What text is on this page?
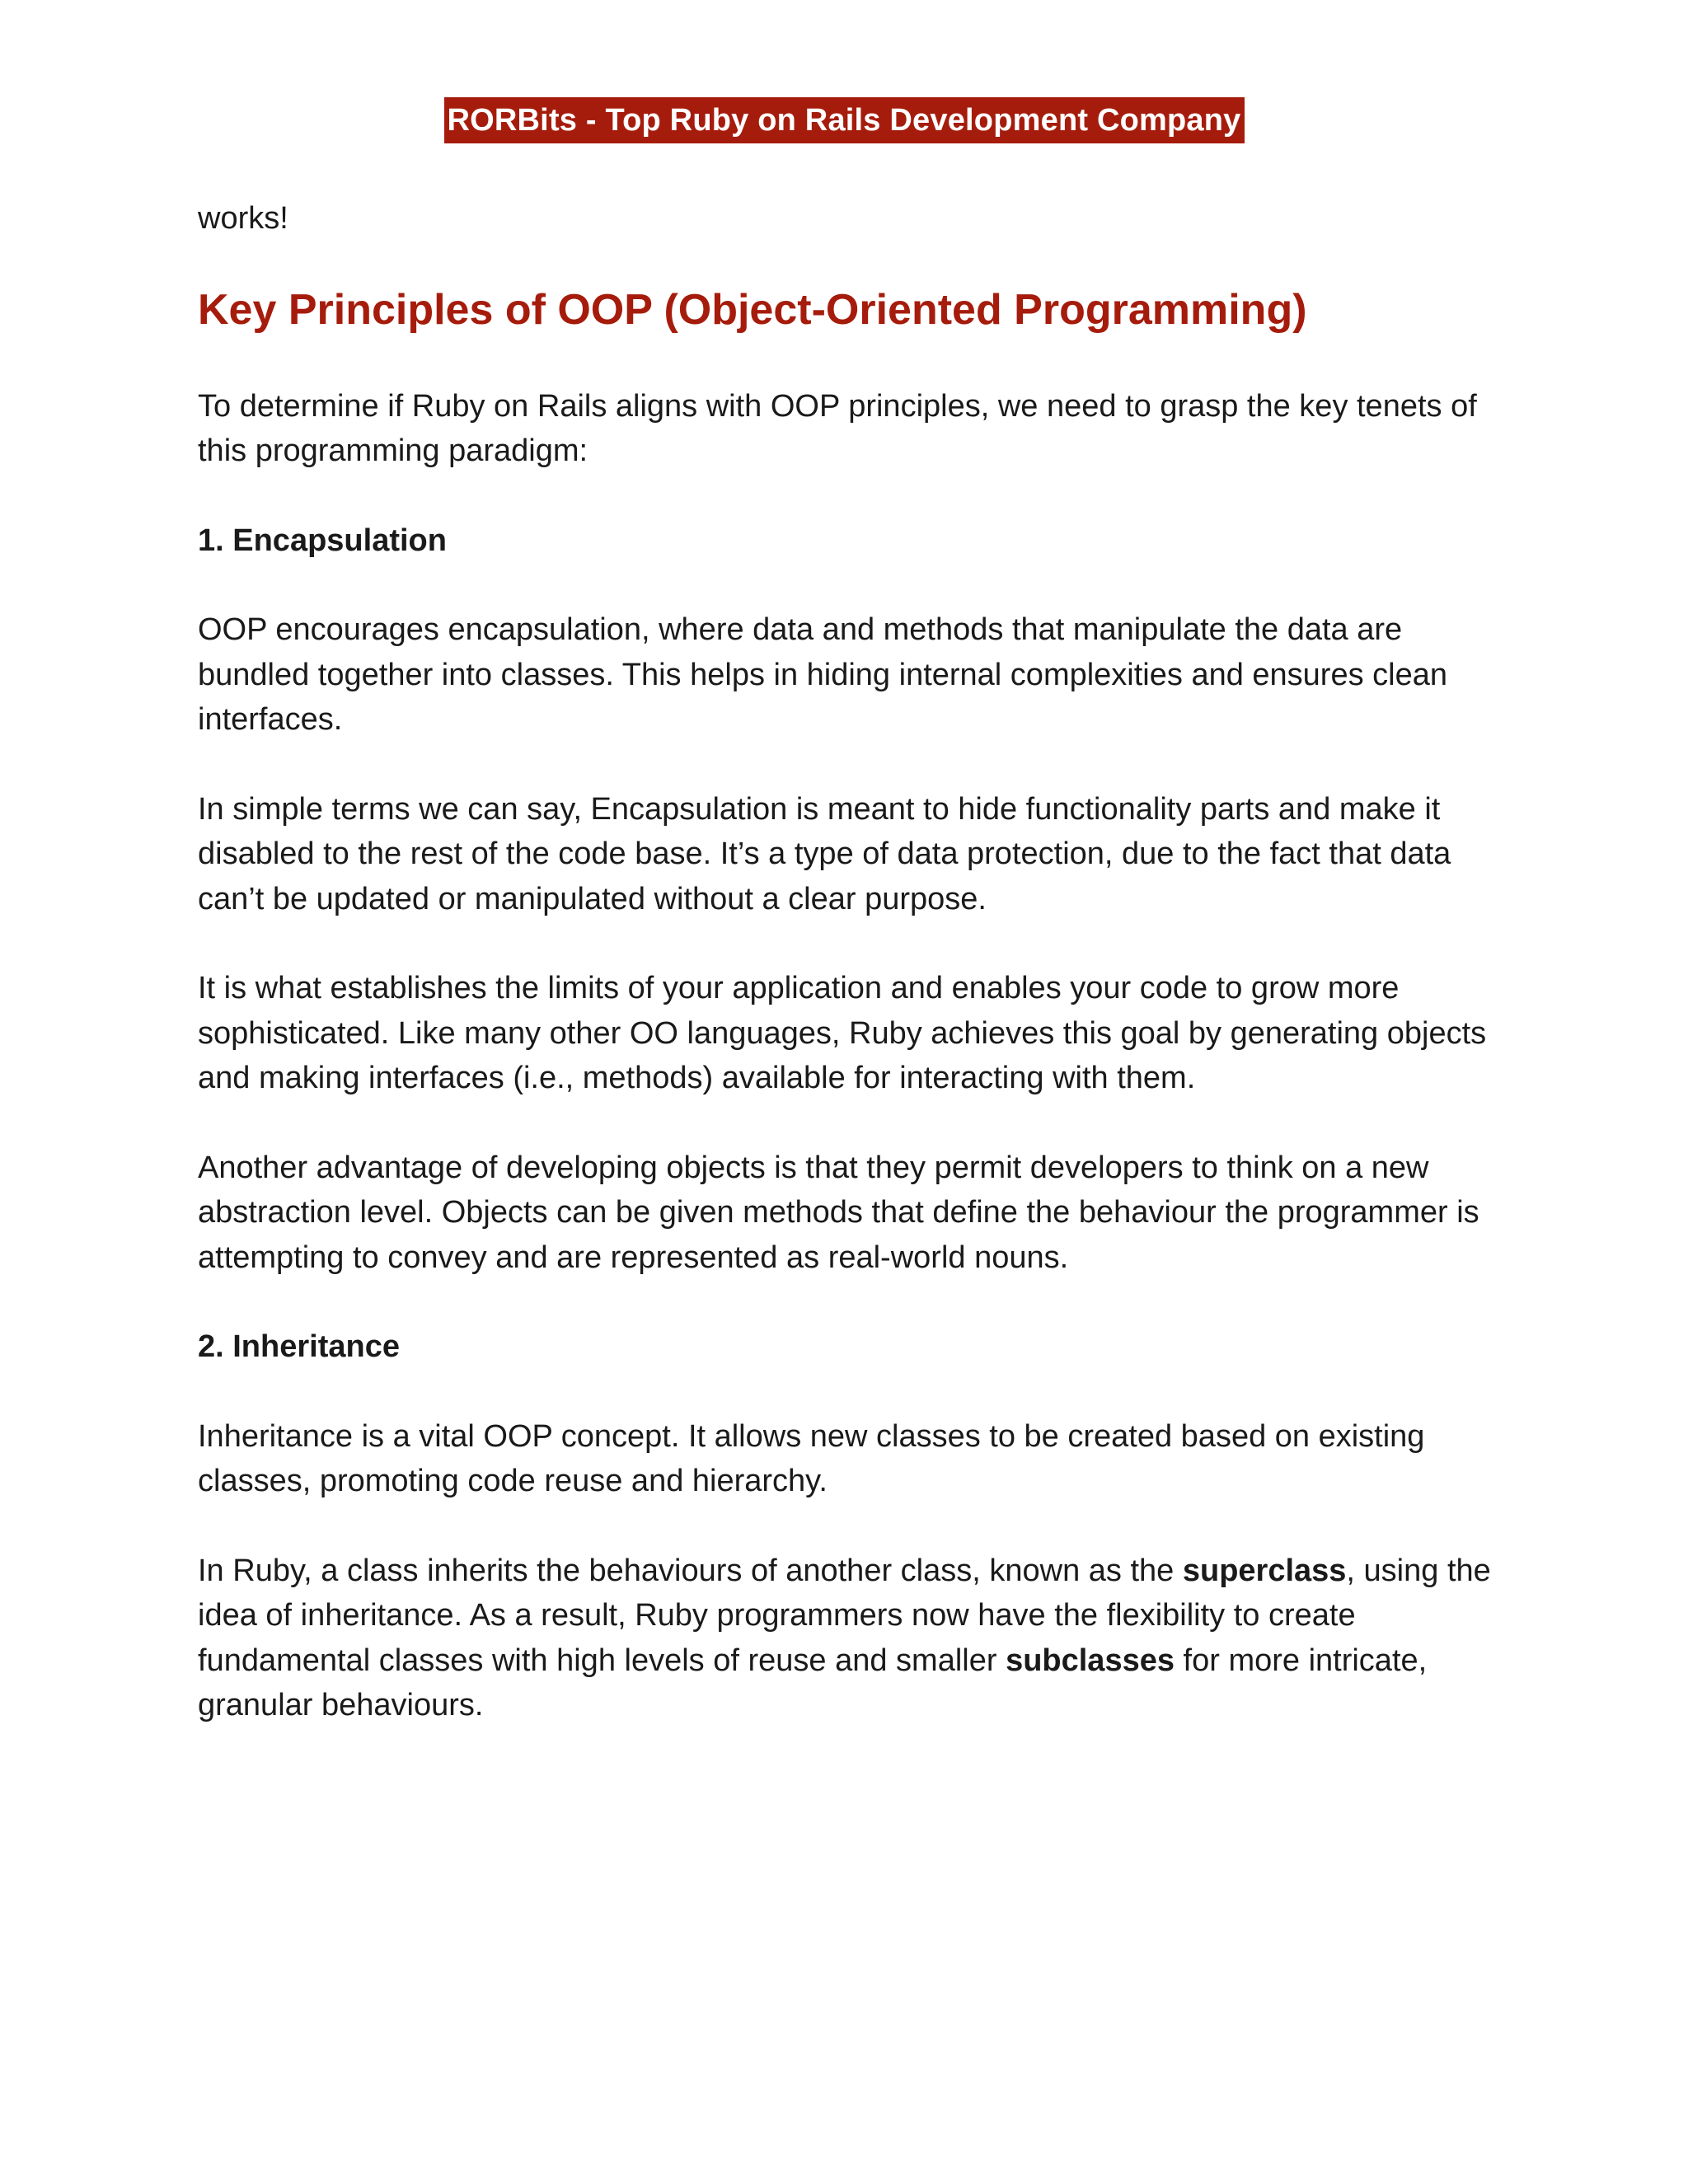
RORBits - Top Ruby on Rails Development Company

works!

Key Principles of OOP (Object-Oriented Programming)

To determine if Ruby on Rails aligns with OOP principles, we need to grasp the key tenets of this programming paradigm:

1. Encapsulation

OOP encourages encapsulation, where data and methods that manipulate the data are bundled together into classes. This helps in hiding internal complexities and ensures clean interfaces.

In simple terms we can say, Encapsulation is meant to hide functionality parts and make it disabled to the rest of the code base. It’s a type of data protection, due to the fact that data can’t be updated or manipulated without a clear purpose.

It is what establishes the limits of your application and enables your code to grow more sophisticated. Like many other OO languages, Ruby achieves this goal by generating objects and making interfaces (i.e., methods) available for interacting with them.

Another advantage of developing objects is that they permit developers to think on a new abstraction level. Objects can be given methods that define the behaviour the programmer is attempting to convey and are represented as real-world nouns.

2. Inheritance

Inheritance is a vital OOP concept. It allows new classes to be created based on existing classes, promoting code reuse and hierarchy.

In Ruby, a class inherits the behaviours of another class, known as the superclass, using the idea of inheritance. As a result, Ruby programmers now have the flexibility to create fundamental classes with high levels of reuse and smaller subclasses for more intricate, granular behaviours.
